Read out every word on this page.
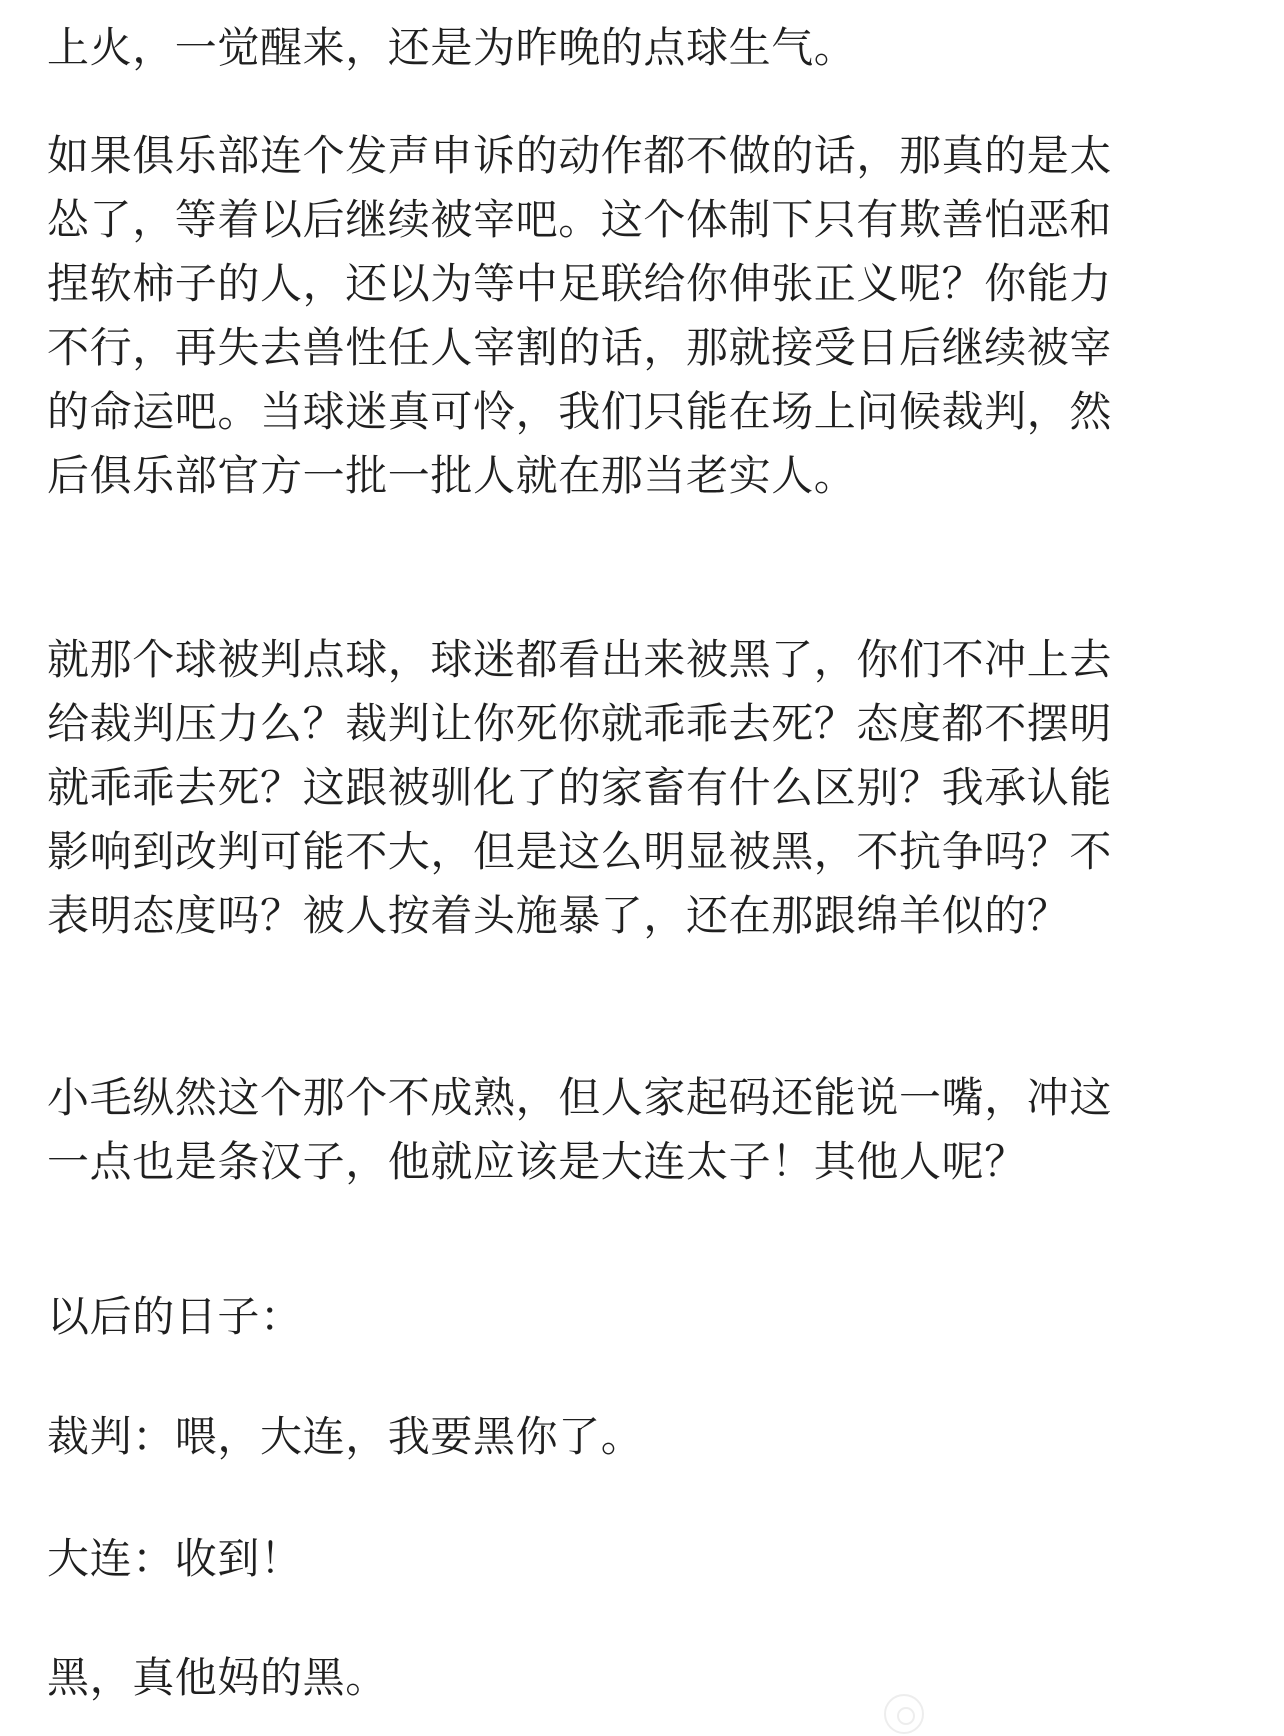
上火，一觉醒来，还是为昨晚的点球生气。

如果俱乐部连个发声申诉的动作都不做的话，那真的是太
怂了，等着以后继续被宰吧。这个体制下只有欺善怕恶和
捏软柿子的人，还以为等中足联给你伸张正义呢？你能力
不行，再失去兽性任人宰割的话，那就接受日后继续被宰
的命运吧。当球迷真可怜，我们只能在场上问候裁判，然
后俱乐部官方一批一批人就在那当老实人。

就那个球被判点球，球迷都看出来被黑了，你们不冲上去
给裁判压力么？裁判让你死你就乖乖去死？态度都不摆明
就乖乖去死？这跟被驯化了的家畜有什么区别？我承认能
影响到改判可能不大，但是这么明显被黑，不抗争吗？不
表明态度吗？被人按着头施暴了，还在那跟绵羊似的？

小毛纵然这个那个不成熟，但人家起码还能说一嘴，冲这
一点也是条汉子，他就应该是大连太子！其他人呢？

以后的日子：

裁判：喂，大连，我要黑你了。

大连：收到！

黑，真他妈的黑。
